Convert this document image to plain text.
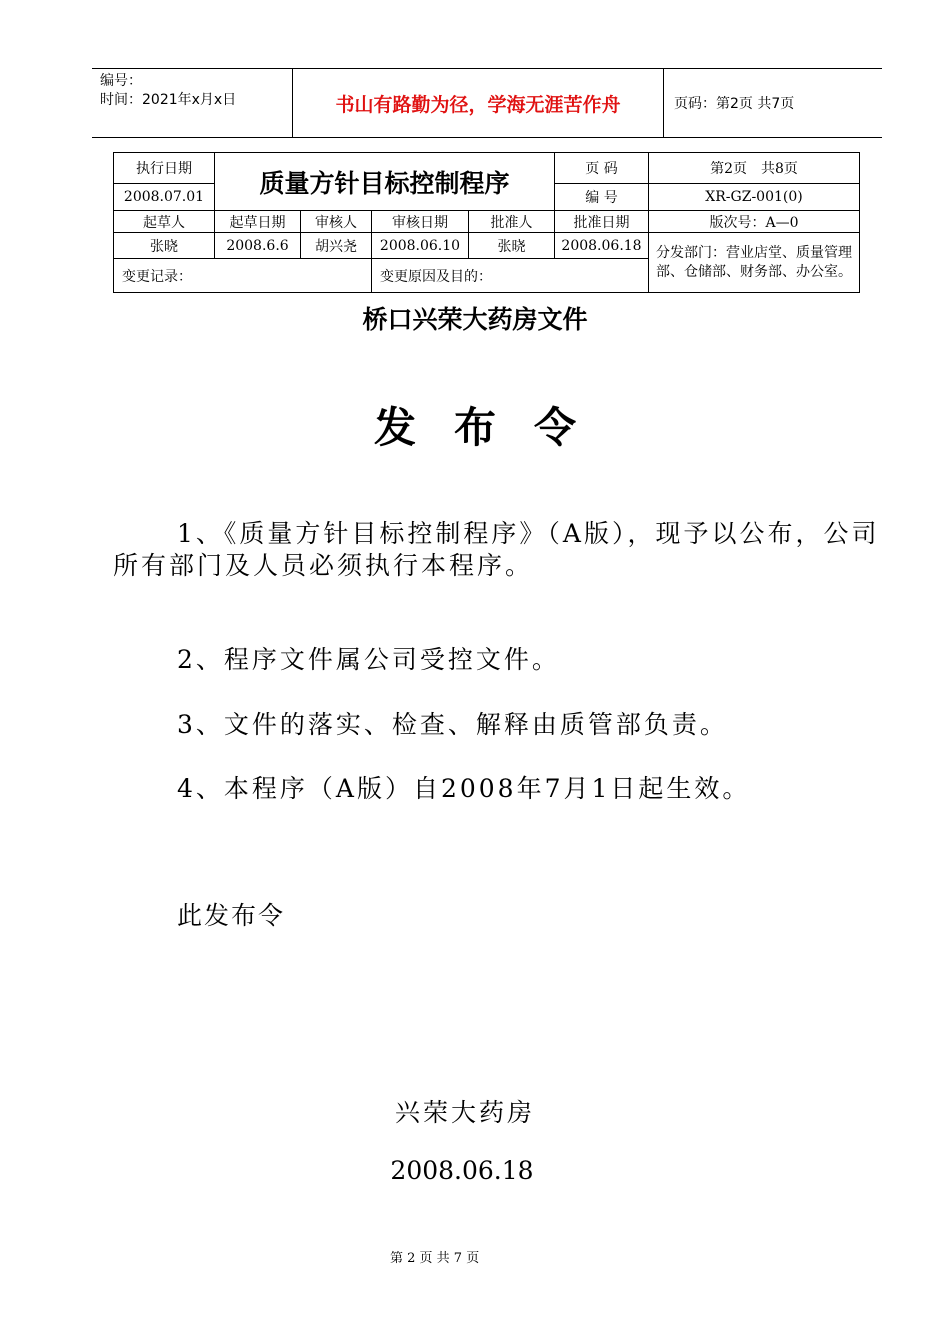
编号：
时间：2021年x月x日	书山有路勤为径，学海无涯苦作舟	页码：第2页 共7页
执行日期	质量方针目标控制程序				页 码	第2页　共8页
2008.07.01					编 号	XR-GZ-001(0)
起草人	起草日期	审核人	审核日期	批准人	批准日期	版次号：A—0
张晓	2008.6.6	胡兴尧	2008.06.10	张晓	2008.06.18	分发部门：营业店堂、质量管理部、仓储部、财务部、办公室。
变更记录：			变更原因及目的：			
桥口兴荣大药房文件
发布令
1、《质量方针目标控制程序》（A版），现予以公布，公司所有部门及人员必须执行本程序。
2、程序文件属公司受控文件。
3、文件的落实、检查、解释由质管部负责。
4、本程序（A版）自2008年7月1日起生效。
此发布令
兴荣大药房
2008.06.18
第 2 页 共 7 页
